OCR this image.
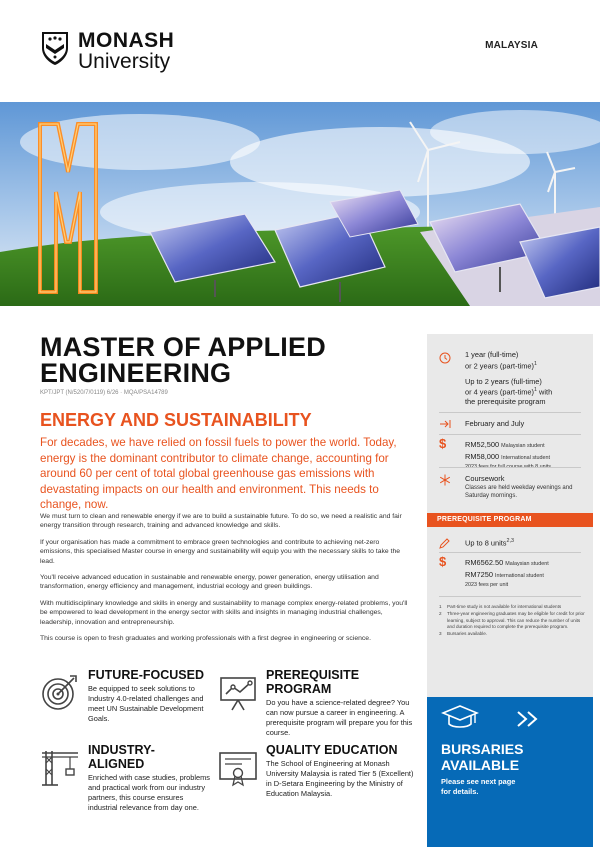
MONASH
University
MALAYSIA
MASTER OF APPLIED
ENGINEERING
KPT/JPT (N/520/7/0119) 6/26 · MQA/PSA14789
ENERGY AND SUSTAINABILITY
For decades, we have relied on fossil fuels to power the world. Today, energy is the dominant contributor to climate change, accounting for around 60 per cent of total global greenhouse gas emissions with devastating impacts on our health and environment. This needs to change, now.

We must turn to clean and renewable energy if we are to build a sustainable future. To do so, we need a realistic and fair energy transition through research, training and advanced knowledge and skills.

If your organisation has made a commitment to embrace green technologies and contribute to achieving net-zero emissions, this specialised Master course in energy and sustainability will equip you with the necessary skills to take the lead.

You'll receive advanced education in sustainable and renewable energy, power generation, energy utilisation and transformation, energy efficiency and management, industrial ecology and green buildings.

With multidisciplinary knowledge and skills in energy and sustainability to manage complex energy-related problems, you'll be empowered to lead development in the energy sector with skills and insights in managing industrial challenges, leadership, innovation and entrepreneurship.

This course is open to fresh graduates and working professionals with a first degree in engineering or science.

FUTURE-FOCUSED

Be equipped to seek solutions to Industry 4.0-related challenges and meet UN Sustainable Development Goals.

PREREQUISITE PROGRAM

Do you have a science-related degree? You can now pursue a career in engineering. A prerequisite program will prepare you for this course.

INDUSTRY-ALIGNED

Enriched with case studies, problems and practical work from our industry partners, this course ensures industrial relevance from day one.

QUALITY EDUCATION

The School of Engineering at Monash University Malaysia is rated Tier 5 (Excellent) in D-Setara Engineering by the Ministry of Education Malaysia.

1 year (full-time)
or 2 years (part-time)$^1$
Up to 2 years (full-time)
or 4 years (part-time)$^1$ with
the prerequisite program
February and July
$	RM52,500 Malaysian student
RM58,000 International student
Coursework
Classes are held weekday evenings and Saturday mornings.
Up to 8 units$^{2,3}$
$	RM6562.50 Malaysian student
RM7250 International student
2023 fees per unit
PREREQUISITE PROGRAM
1	Part-time study is not available for international students
2	Three-year engineering graduates may be eligible for credit for prior learning, subject to approval. This can reduce the number of units and duration required to complete the prerequisite program.
3	Bursaries available.
BURSARIES
AVAILABLE
Please see next page
for details.
